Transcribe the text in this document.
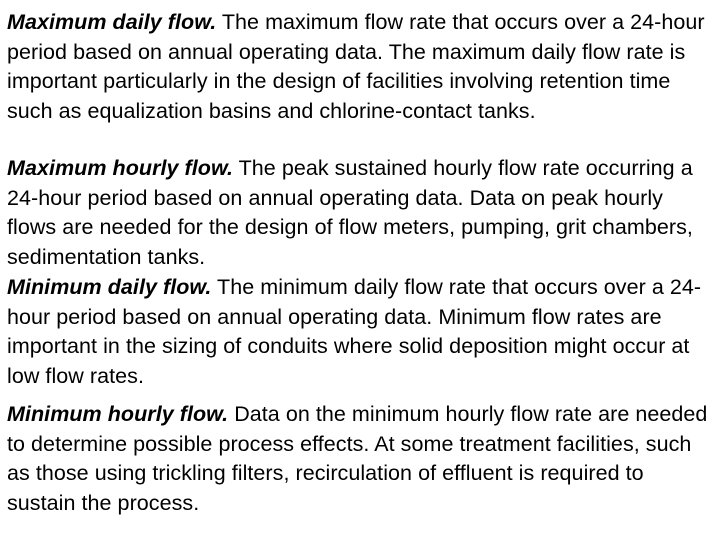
Maximum daily flow. The maximum flow rate that occurs over a 24-hour period based on annual operating data. The maximum daily flow rate is important particularly in the design of facilities involving retention time such as equalization basins and chlorine-contact tanks.

Maximum hourly flow. The peak sustained hourly flow rate occurring a 24-hour period based on annual operating data. Data on peak hourly flows are needed for the design of flow meters, pumping, grit chambers, sedimentation tanks.

Minimum daily flow. The minimum daily flow rate that occurs over a 24-hour period based on annual operating data. Minimum flow rates are important in the sizing of conduits where solid deposition might occur at low flow rates.

Minimum hourly flow. Data on the minimum hourly flow rate are needed to determine possible process effects. At some treatment facilities, such as those using trickling filters, recirculation of effluent is required to sustain the process.
